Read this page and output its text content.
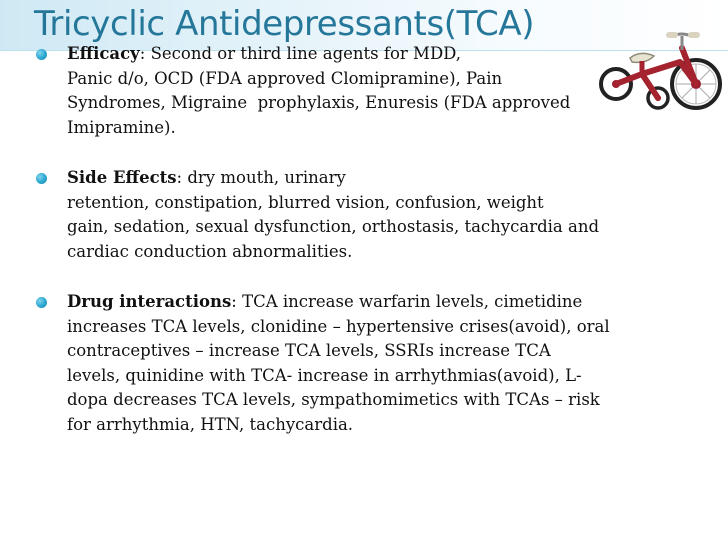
Tricyclic Antidepressants(TCA)
Efficacy: Second or third line agents for MDD,
Panic d/o, OCD (FDA approved Clomipramine), Pain
Syndromes, Migraine  prophylaxis, Enuresis (FDA approved
Imipramine).
Side Effects: dry mouth, urinary
retention, constipation, blurred vision, confusion, weight
gain, sedation, sexual dysfunction, orthostasis, tachycardia and
cardiac conduction abnormalities.
Drug interactions: TCA increase warfarin levels, cimetidine
increases TCA levels, clonidine – hypertensive crises(avoid), oral
contraceptives – increase TCA levels, SSRIs increase TCA
levels, quinidine with TCA- increase in arrhythmias(avoid), L-
dopa decreases TCA levels, sympathomimetics with TCAs – risk
for arrhythmia, HTN, tachycardia.
